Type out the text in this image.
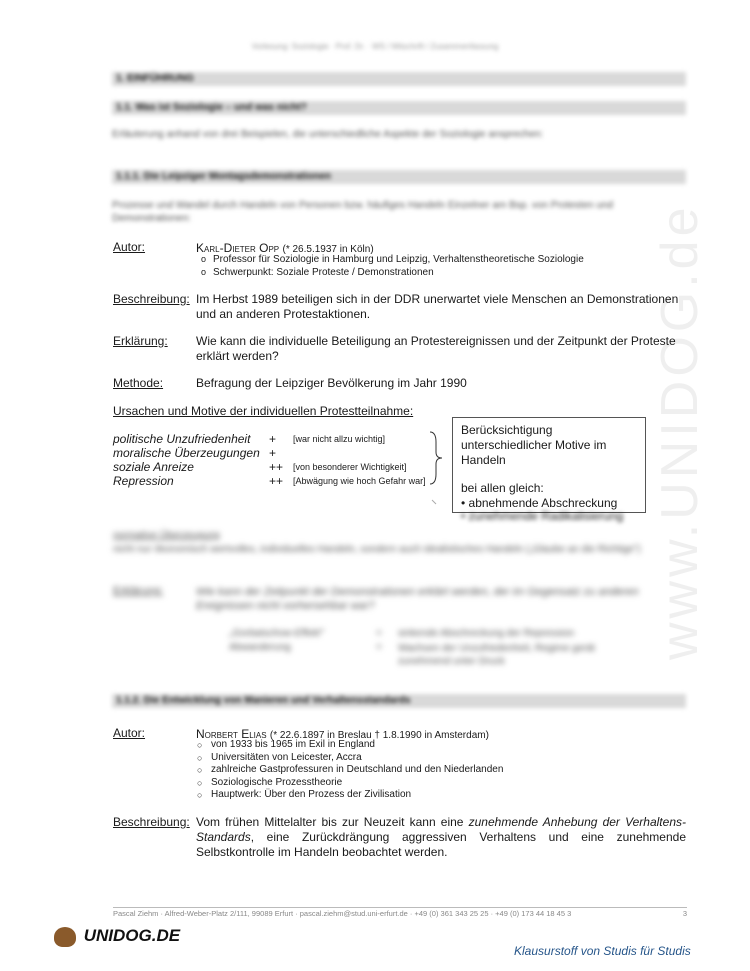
Vorlesung: Soziologie · Prof. Dr. · WS / Mitschrift / Zusammenfassung
www.UNIDOG.de
1. EINFÜHRUNG
1.1. Was ist Soziologie – und was nicht?
Erläuterung anhand von drei Beispielen, die unterschiedliche Aspekte der Soziologie ansprechen:
1.1.1. Die Leipziger Montagsdemonstrationen
Prozesse und Wandel durch Handeln von Personen bzw. häufiges Handeln Einzelner am Bsp. von Protesten und Demonstrationen:
Autor:	Karl-Dieter Opp (* 26.5.1937 in Köln)
o Professor für Soziologie in Hamburg und Leipzig, Verhaltenstheoretische Soziologie
o Schwerpunkt: Soziale Proteste / Demonstrationen
Beschreibung: Im Herbst 1989 beteiligen sich in der DDR unerwartet viele Menschen an Demonstrationen und an anderen Protestaktionen.
Erklärung: Wie kann die individuelle Beteiligung an Protestereignissen und der Zeitpunkt der Proteste erklärt werden?
Methode:	Befragung der Leipziger Bevölkerung im Jahr 1990
Ursachen und Motive der individuellen Protestteilnahme:
politische Unzufriedenheit + [war nicht allzu wichtig]
moralische Überzeugungen +
soziale Anreize	++ [von besonderer Wichtigkeit]
Repression	++ [Abwägung wie hoch Gefahr war]
Berücksichtigung unterschiedlicher Motive im Handeln
bei allen gleich:
• abnehmende Abschreckung
• zunehmende Radikalisierung
normative Überzeugung
nicht nur ökonomisch wertvolles, individuelles Handeln, sondern auch idealistisches Handeln („Glaube an die Richtige")
Erklärung:	Wie kann der Zeitpunkt der Demonstrationen erklärt werden, der im Gegensatz zu anderen Ereignissen nicht vorhersehbar war?
„Gorbatschow-Effekt"	= sinkende Abschreckung der Repression
Abwanderung	= Wachsen der Unzufriedenheit, Regime gerät zunehmend unter Druck
1.1.2. Die Entwicklung von Manieren und Verhaltensstandards
Autor:	Norbert Elias (* 22.6.1897 in Breslau † 1.8.1990 in Amsterdam)
○ von 1933 bis 1965 im Exil in England
○ Universitäten von Leicester, Accra
○ zahlreiche Gastprofessuren in Deutschland und den Niederlanden
○ Soziologische Prozesstheorie
○ Hauptwerk: Über den Prozess der Zivilisation
Beschreibung: Vom frühen Mittelalter bis zur Neuzeit kann eine zunehmende Anhebung der Verhaltens-Standards, eine Zurückdrängung aggressiven Verhaltens und eine zunehmende Selbstkontrolle im Handeln beobachtet werden.
Pascal Ziehm · Alfred-Weber-Platz 2/111, 99089 Erfurt · pascal.ziehm@stud.uni-erfurt.de · +49 (0) 361 343 25 25 · +49 (0) 173 44 18 45 3	3
UNIDOG.DE
Klausurstoff von Studis für Studis
